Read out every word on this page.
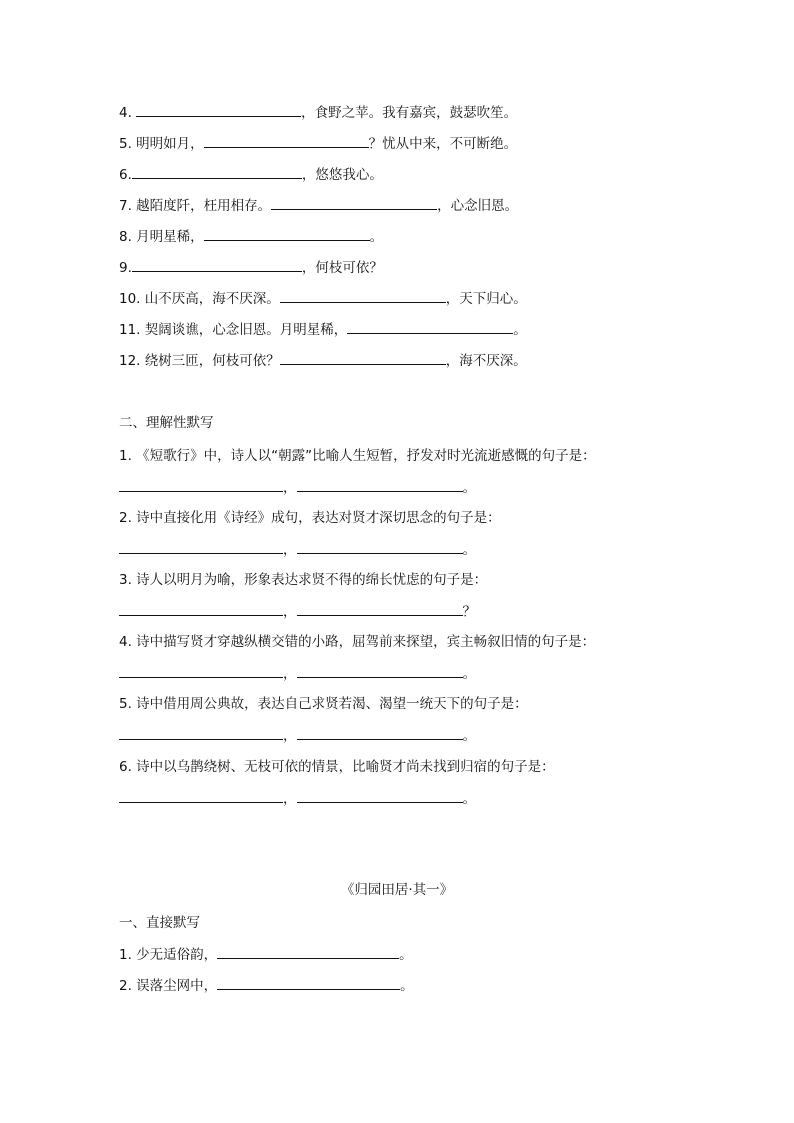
4.	，食野之苹。我有嘉宾，鼓瑟吹笙。
5. 明明如月，	？忧从中来，不可断绝。
6.	，悠悠我心。
7. 越陌度阡，枉用相存。	，心念旧恩。
8. 月明星稀，	。
9.	，何枝可依？
10. 山不厌高，海不厌深。	，天下归心。
11. 契阔谈谯，心念旧恩。月明星稀，	。
12. 绕树三匝，何枝可依？	，海不厌深。
二、理解性默写
1. 《短歌行》中，诗人以“朝露”比喻人生短暂，抒发对时光流逝感慨的句子是：
，	。
2. 诗中直接化用《诗经》成句，表达对贤才深切思念的句子是：
，	。
3. 诗人以明月为喻，形象表达求贤不得的绵长忧虑的句子是：
，	？
4. 诗中描写贤才穿越纵横交错的小路，屈驾前来探望，宾主畅叙旧情的句子是：
，	。
5. 诗中借用周公典故，表达自己求贤若渴、渴望一统天下的句子是：
，	。
6. 诗中以乌鹊绕树、无枝可依的情景，比喻贤才尚未找到归宿的句子是：
，	。
《归园田居·其一》
一、直接默写
1. 少无适俗韵，	。
2. 误落尘网中，	。
